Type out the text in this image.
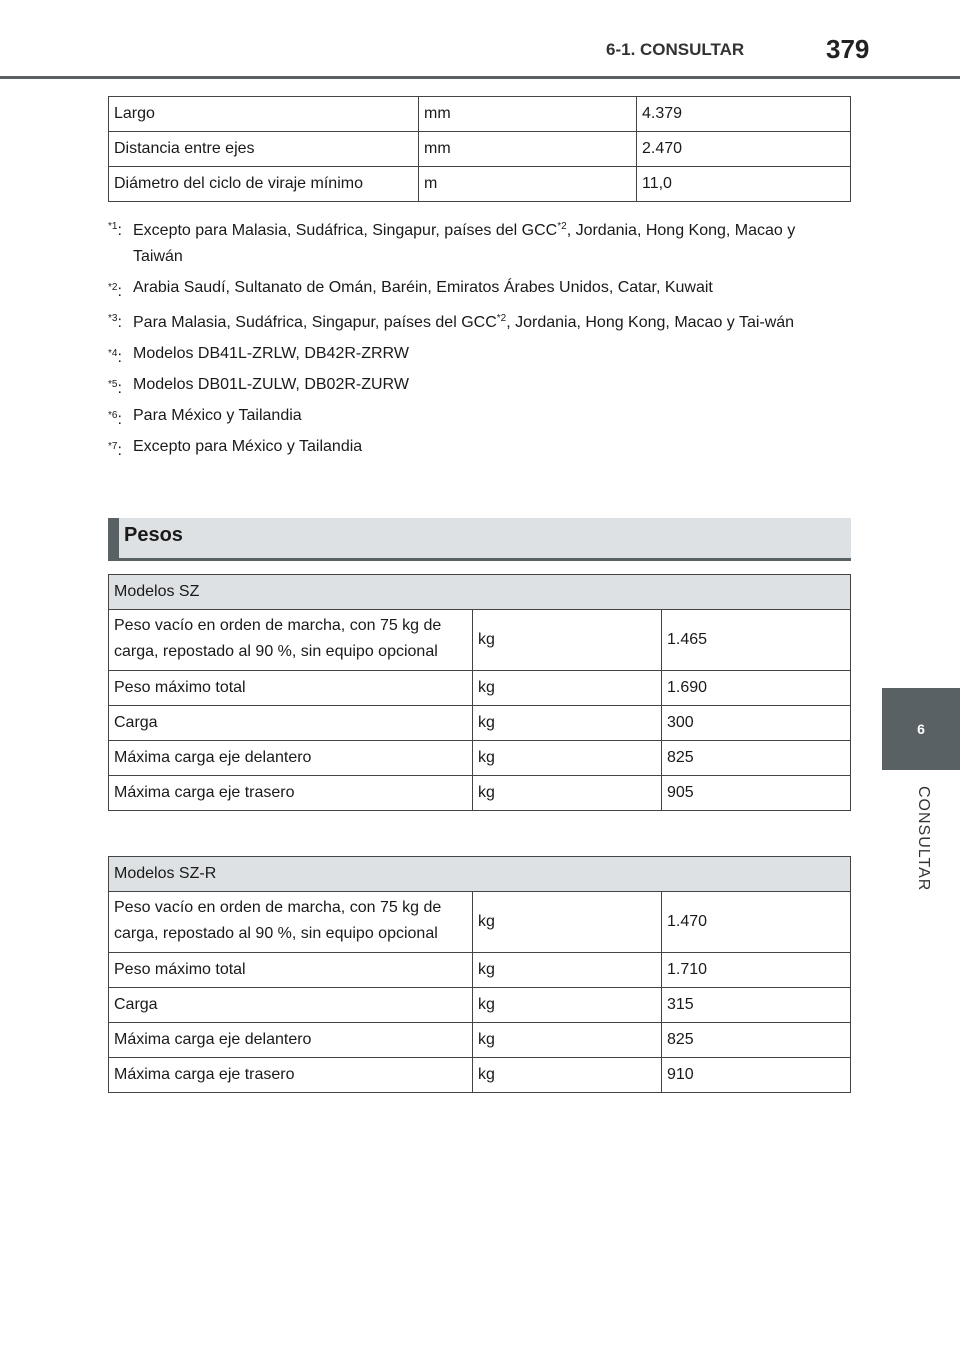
6-1. CONSULTAR	379
6
CONSULTAR
Largo	mm	4.379
Distancia entre ejes	mm	2.470
Diámetro del ciclo de viraje mínimo	m	11,0
$^{*1}$: Excepto para Malasia, Sudáfrica, Singapur, países del GCC$^{*2}$, Jordania, Hong Kong, Macao y Taiwán
$^{*2}$: Arabia Saudí, Sultanato de Omán, Baréin, Emiratos Árabes Unidos, Catar, Kuwait
$^{*3}$: Para Malasia, Sudáfrica, Singapur, países del GCC$^{*2}$, Jordania, Hong Kong, Macao y Tai-wán
$^{*4}$: Modelos DB41L-ZRLW, DB42R-ZRRW
$^{*5}$: Modelos DB01L-ZULW, DB02R-ZURW
$^{*6}$: Para México y Tailandia
$^{*7}$: Excepto para México y Tailandia
Pesos
Modelos SZ		
Peso vacío en orden de marcha, con 75 kg de carga, repostado al 90 %, sin equipo opcional	kg	1.465
Peso máximo total	kg	1.690
Carga	kg	300
Máxima carga eje delantero	kg	825
Máxima carga eje trasero	kg	905
Modelos SZ-R		
Peso vacío en orden de marcha, con 75 kg de carga, repostado al 90 %, sin equipo opcional	kg	1.470
Peso máximo total	kg	1.710
Carga	kg	315
Máxima carga eje delantero	kg	825
Máxima carga eje trasero	kg	910
